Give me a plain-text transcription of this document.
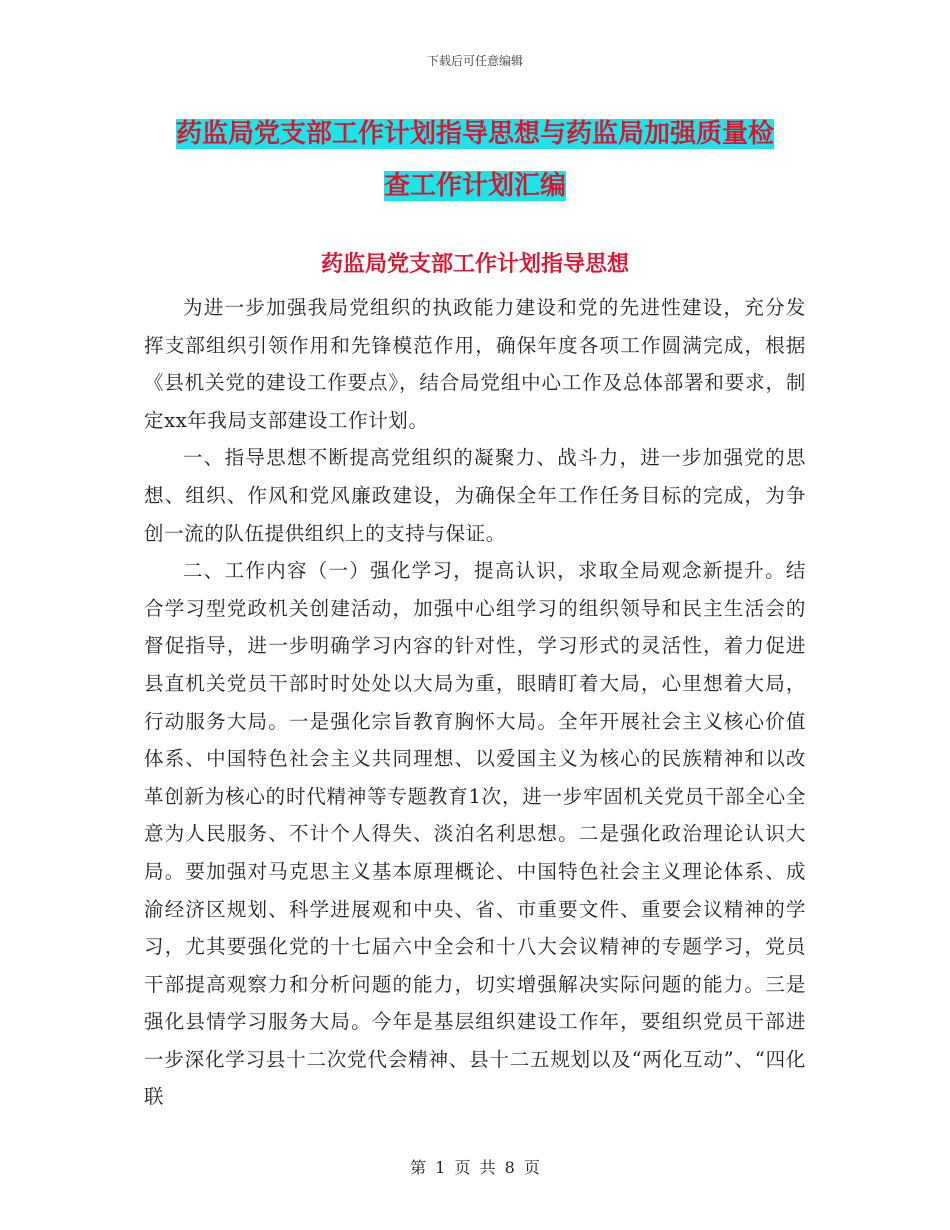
下载后可任意编辑
药监局党支部工作计划指导思想与药监局加强质量检
查工作计划汇编
药监局党支部工作计划指导思想

为进一步加强我局党组织的执政能力建设和党的先进性建设，充分发挥支部组织引领作用和先锋模范作用，确保年度各项工作圆满完成，根据《县机关党的建设工作要点》，结合局党组中心工作及总体部署和要求，制定xx年我局支部建设工作计划。

一、指导思想不断提高党组织的凝聚力、战斗力，进一步加强党的思想、组织、作风和党风廉政建设，为确保全年工作任务目标的完成，为争创一流的队伍提供组织上的支持与保证。

二、工作内容（一）强化学习，提高认识，求取全局观念新提升。结合学习型党政机关创建活动，加强中心组学习的组织领导和民主生活会的督促指导，进一步明确学习内容的针对性，学习形式的灵活性，着力促进县直机关党员干部时时处处以大局为重，眼睛盯着大局，心里想着大局，行动服务大局。一是强化宗旨教育胸怀大局。全年开展社会主义核心价值体系、中国特色社会主义共同理想、以爱国主义为核心的民族精神和以改革创新为核心的时代精神等专题教育1次，进一步牢固机关党员干部全心全意为人民服务、不计个人得失、淡泊名利思想。二是强化政治理论认识大局。要加强对马克思主义基本原理概论、中国特色社会主义理论体系、成渝经济区规划、科学进展观和中央、省、市重要文件、重要会议精神的学习，尤其要强化党的十七届六中全会和十八大会议精神的专题学习，党员干部提高观察力和分析问题的能力，切实增强解决实际问题的能力。三是强化县情学习服务大局。今年是基层组织建设工作年，要组织党员干部进一步深化学习县十二次党代会精神、县十二五规划以及“两化互动”、“四化联

第 1 页 共 8 页
